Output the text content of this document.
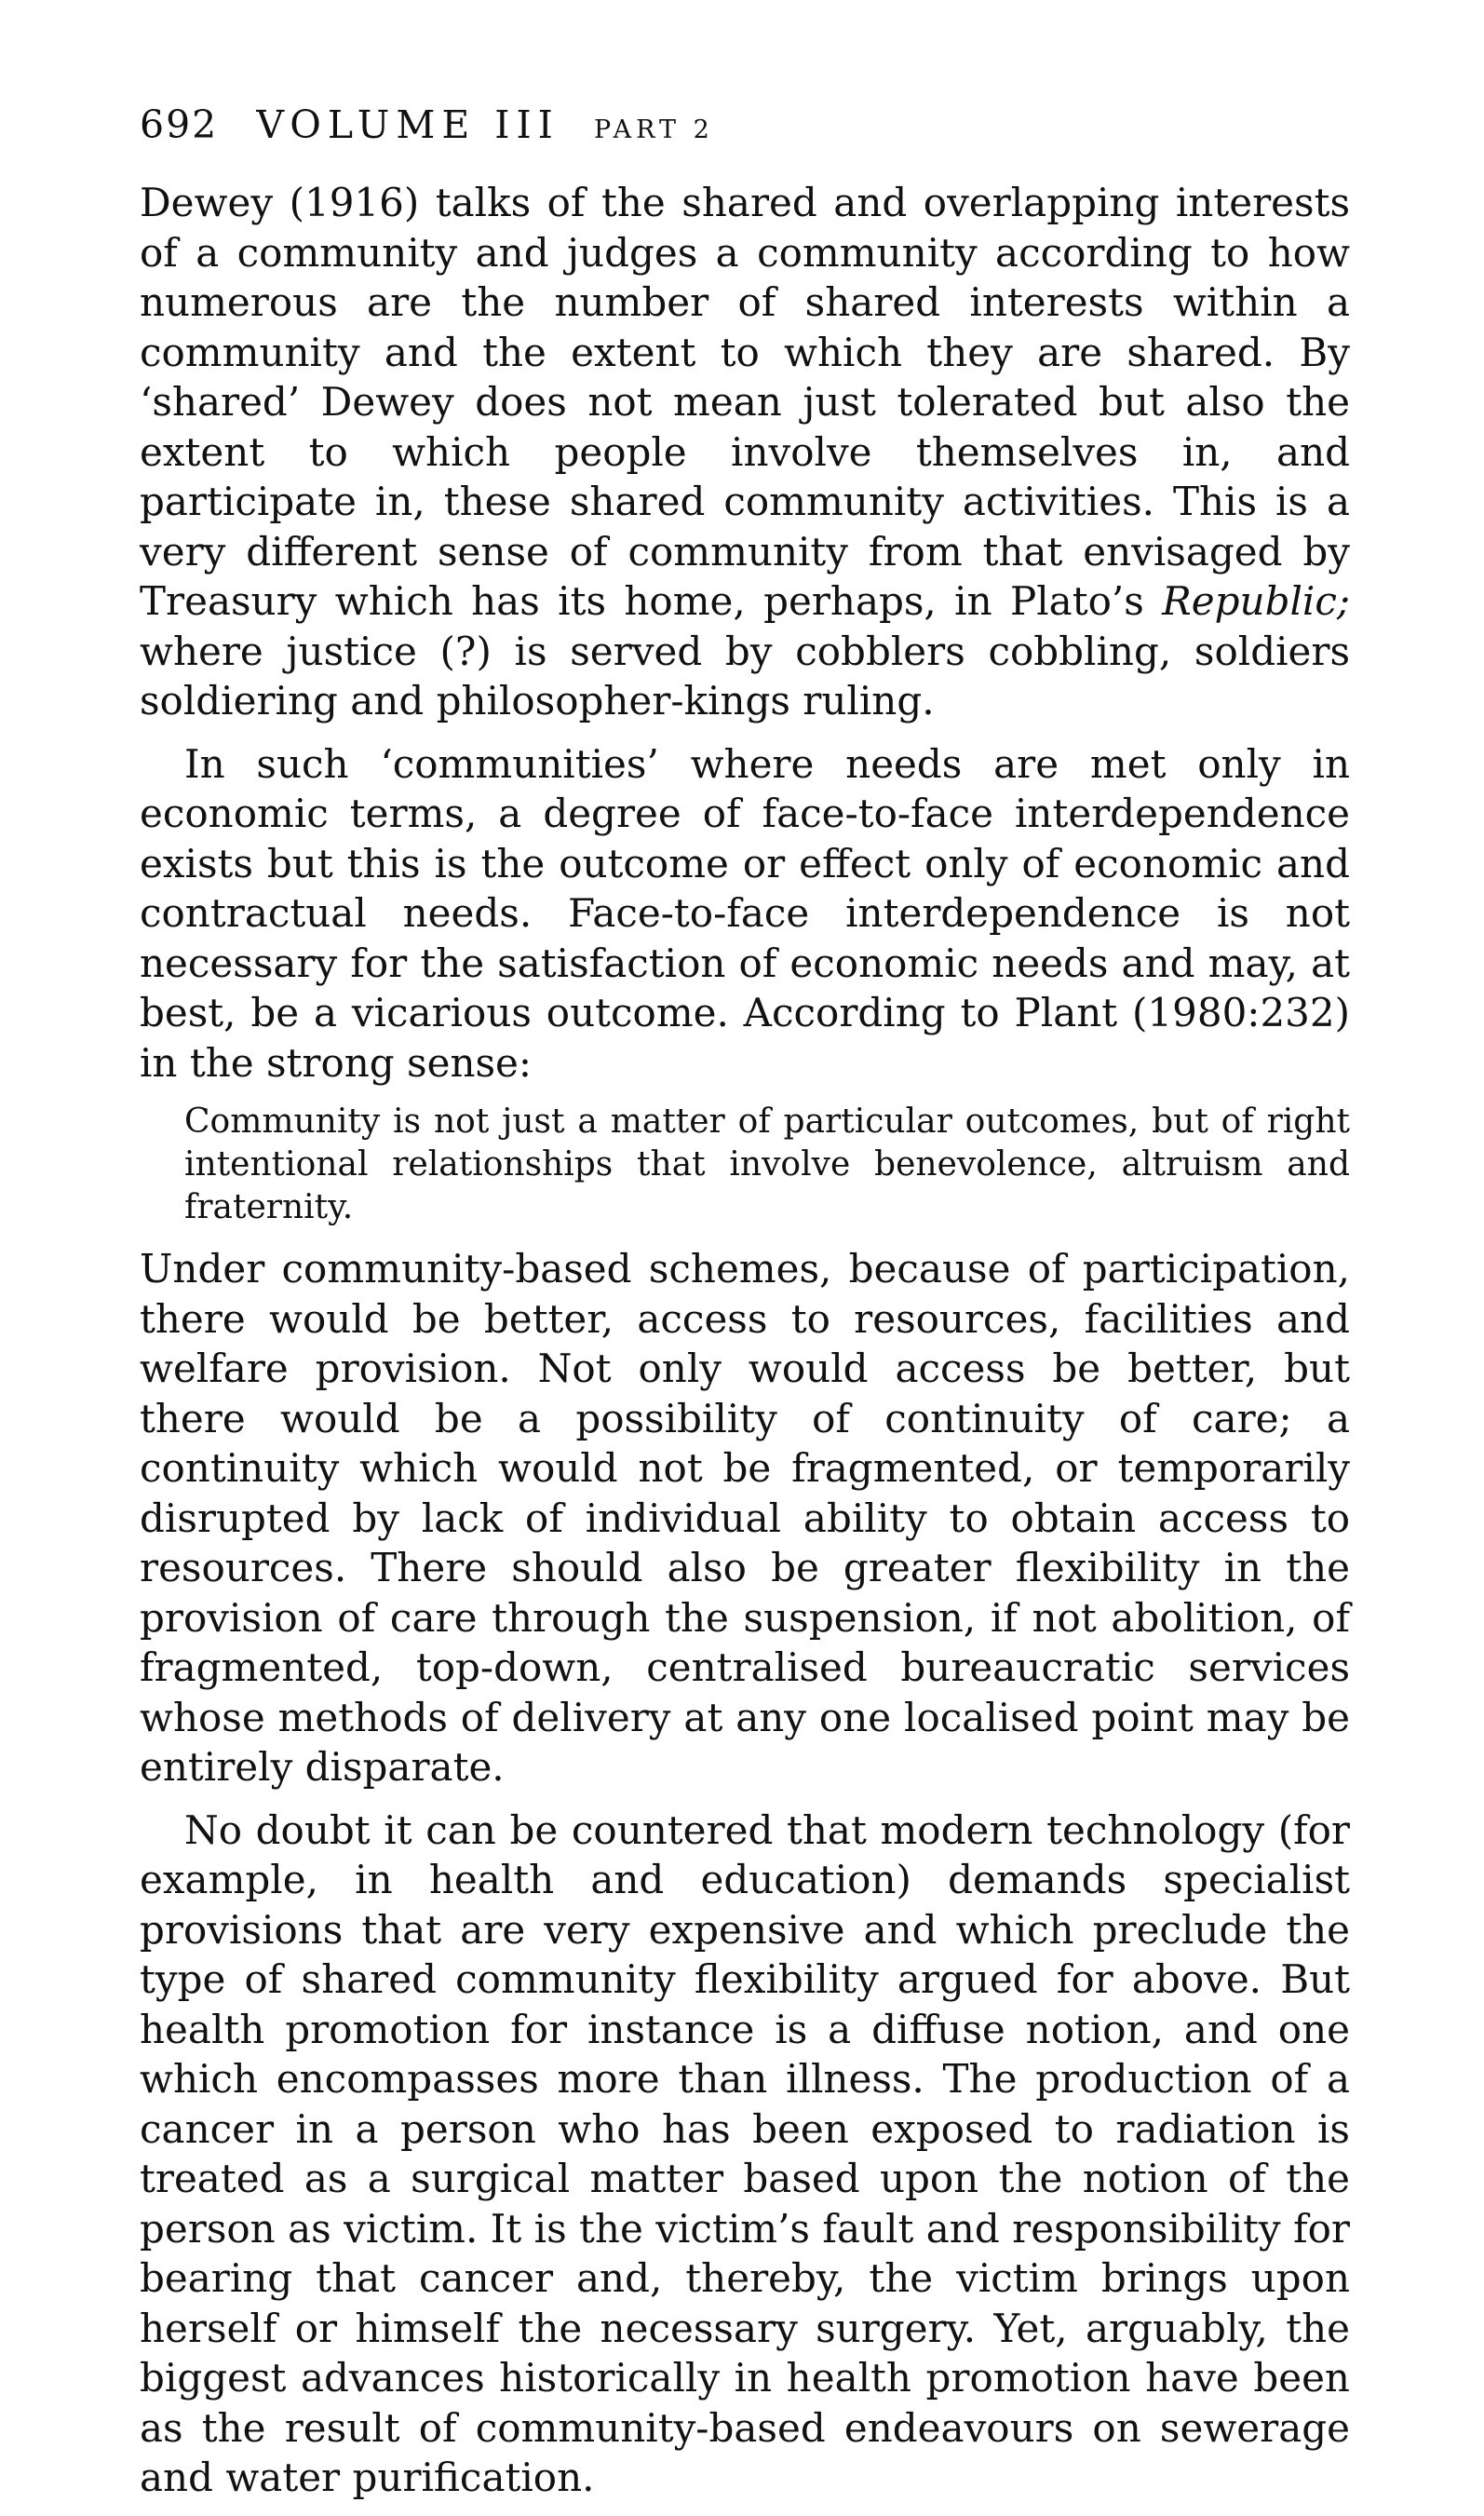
692 VOLUME III PART 2

Dewey (1916) talks of the shared and overlapping interests of a community and judges a community according to how numerous are the number of shared interests within a community and the extent to which they are shared. By ‘shared’ Dewey does not mean just tolerated but also the extent to which people involve themselves in, and participate in, these shared community activities. This is a very different sense of community from that envisaged by Treasury which has its home, perhaps, in Plato’s Republic; where justice (?) is served by cobblers cobbling, soldiers soldiering and philosopher-kings ruling.

In such ‘communities’ where needs are met only in economic terms, a degree of face-to-face interdependence exists but this is the outcome or effect only of economic and contractual needs. Face-to-face interdependence is not necessary for the satisfaction of economic needs and may, at best, be a vicarious outcome. According to Plant (1980:232) in the strong sense:

Community is not just a matter of particular outcomes, but of right intentional relationships that involve benevolence, altruism and fraternity.

Under community-based schemes, because of participation, there would be better, access to resources, facilities and welfare provision. Not only would access be better, but there would be a possibility of continuity of care; a continuity which would not be fragmented, or temporarily disrupted by lack of individual ability to obtain access to resources. There should also be greater flexibility in the provision of care through the suspension, if not abolition, of fragmented, top-down, centralised bureaucratic services whose methods of delivery at any one localised point may be entirely disparate.

No doubt it can be countered that modern technology (for example, in health and education) demands specialist provisions that are very expensive and which preclude the type of shared community flexibility argued for above. But health promotion for instance is a diffuse notion, and one which encompasses more than illness. The production of a cancer in a person who has been exposed to radiation is treated as a surgical matter based upon the notion of the person as victim. It is the victim’s fault and responsibility for bearing that cancer and, thereby, the victim brings upon herself or himself the necessary surgery. Yet, arguably, the biggest advances historically in health promotion have been as the result of community-based endeavours on sewerage and water purification.
